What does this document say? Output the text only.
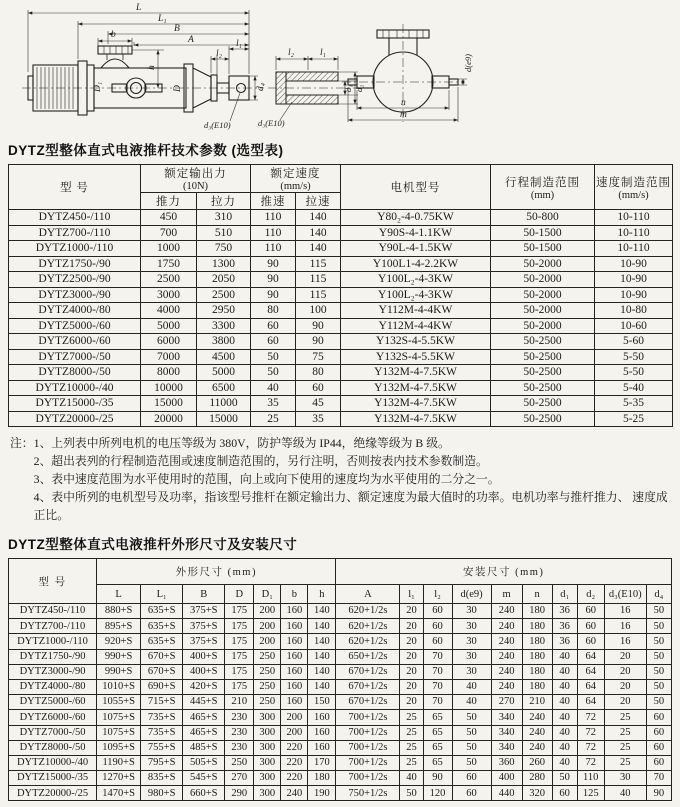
L
L₁
B
b	A	l₁
l₂
h
D₁	D	d₄
d₃(E10)
l₂	l₁
d₁ d₂
d₃(E10)
d(e9)
n
m
DYTZ型整体直式电液推杆技术参数 (选型表)
型 号	
额定输出力
(10N)

额定速度
(mm/s)	电机型号	行程制造范围
(mm)

速度制造范围
(mm/s)

	推力	拉力	推速	拉速			
DYTZ450-/110	450	310	110	140	Y80₂-4-0.75KW	50-800	10-110
DYTZ700-/110	700	510	110	140	Y90S-4-1.1KW	50-1500	10-110
DYTZ1000-/110	1000	750	110	140	Y90L-4-1.5KW	50-1500	10-110
DYTZ1750-/90	1750	1300	90	115	Y100L1-4-2.2KW	50-2000	10-90
DYTZ2500-/90	2500	2050	90	115	Y100L₂-4-3KW	50-2000	10-90
DYTZ3000-/90	3000	2500	90	115	Y100L₂-4-3KW	50-2000	10-90
DYTZ4000-/80	4000	2950	80	100	Y112M-4-4KW	50-2000	10-80
DYTZ5000-/60	5000	3300	60	90	Y112M-4-4KW	50-2000	10-60
DYTZ6000-/60	6000	3800	60	90	Y132S-4-5.5KW	50-2500	5-60
DYTZ7000-/50	7000	4500	50	75	Y132S-4-5.5KW	50-2500	5-50
DYTZ8000-/50	8000	5000	50	80	Y132M-4-7.5KW	50-2500	5-50
DYTZ10000-/40	10000	6500	40	60	Y132M-4-7.5KW	50-2500	5-40
DYTZ15000-/35	15000	11000	35	45	Y132M-4-7.5KW	50-2500	5-35
DYTZ20000-/25	20000	15000	25	35	Y132M-4-7.5KW	50-2500	5-25
注： 1、上列表中所列电机的电压等级为 380V，防护等级为 IP44，绝缘等级为 B 级。
2、超出表列的行程制造范围或速度制造范围的，另行注明，否则按表内技术参数制造。
3、表中速度范围为水平使用时的范围，向上或向下使用的速度均为水平使用的二分之一。
4、表中所列的电机型号及功率，指该型号推杆在额定输出力、额定速度为最大值时的功率。电机功率与推杆推力、 速度成正比。
DYTZ型整体直式电液推杆外形尺寸及安装尺寸
型 号	外形尺寸 (mm)							安装尺寸 (mm)									
	L	L₁	B	D	D₁	b	h	A	l₁	l₂	d(e9)	m	n	d₁	d₂	d₃(E10)	d₄
DYTZ450-/110	880+S	635+S	375+S	175	200	160	140	620+1/2s	20	60	30	240	180	36	60	16	50
DYTZ700-/110	895+S	635+S	375+S	175	200	160	140	620+1/2s	20	60	30	240	180	36	60	16	50
DYTZ1000-/110	920+S	635+S	375+S	175	200	160	140	620+1/2s	20	60	30	240	180	36	60	16	50
DYTZ1750-/90	990+S	670+S	400+S	175	250	160	140	650+1/2s	20	70	30	240	180	40	64	20	50
DYTZ3000-/90	990+S	670+S	400+S	175	250	160	140	670+1/2s	20	70	30	240	180	40	64	20	50
DYTZ4000-/80	1010+S	690+S	420+S	175	250	160	140	670+1/2s	20	70	40	240	180	40	64	20	50
DYTZ5000-/60	1055+S	715+S	445+S	210	250	160	150	670+1/2s	20	70	40	270	210	40	64	20	50
DYTZ6000-/60	1075+S	735+S	465+S	230	300	200	160	700+1/2s	25	65	50	340	240	40	72	25	60
DYTZ7000-/50	1075+S	735+S	465+S	230	300	200	160	700+1/2s	25	65	50	340	240	40	72	25	60
DYTZ8000-/50	1095+S	755+S	485+S	230	300	220	160	700+1/2s	25	65	50	340	240	40	72	25	60
DYTZ10000-/40	1190+S	795+S	505+S	250	300	220	170	700+1/2s	25	65	50	360	260	40	72	25	60
DYTZ15000-/35	1270+S	835+S	545+S	270	300	220	180	700+1/2s	40	90	60	400	280	50	110	30	70
DYTZ20000-/25	1470+S	980+S	660+S	290	300	240	190	750+1/2s	50	120	60	440	320	60	125	40	90
